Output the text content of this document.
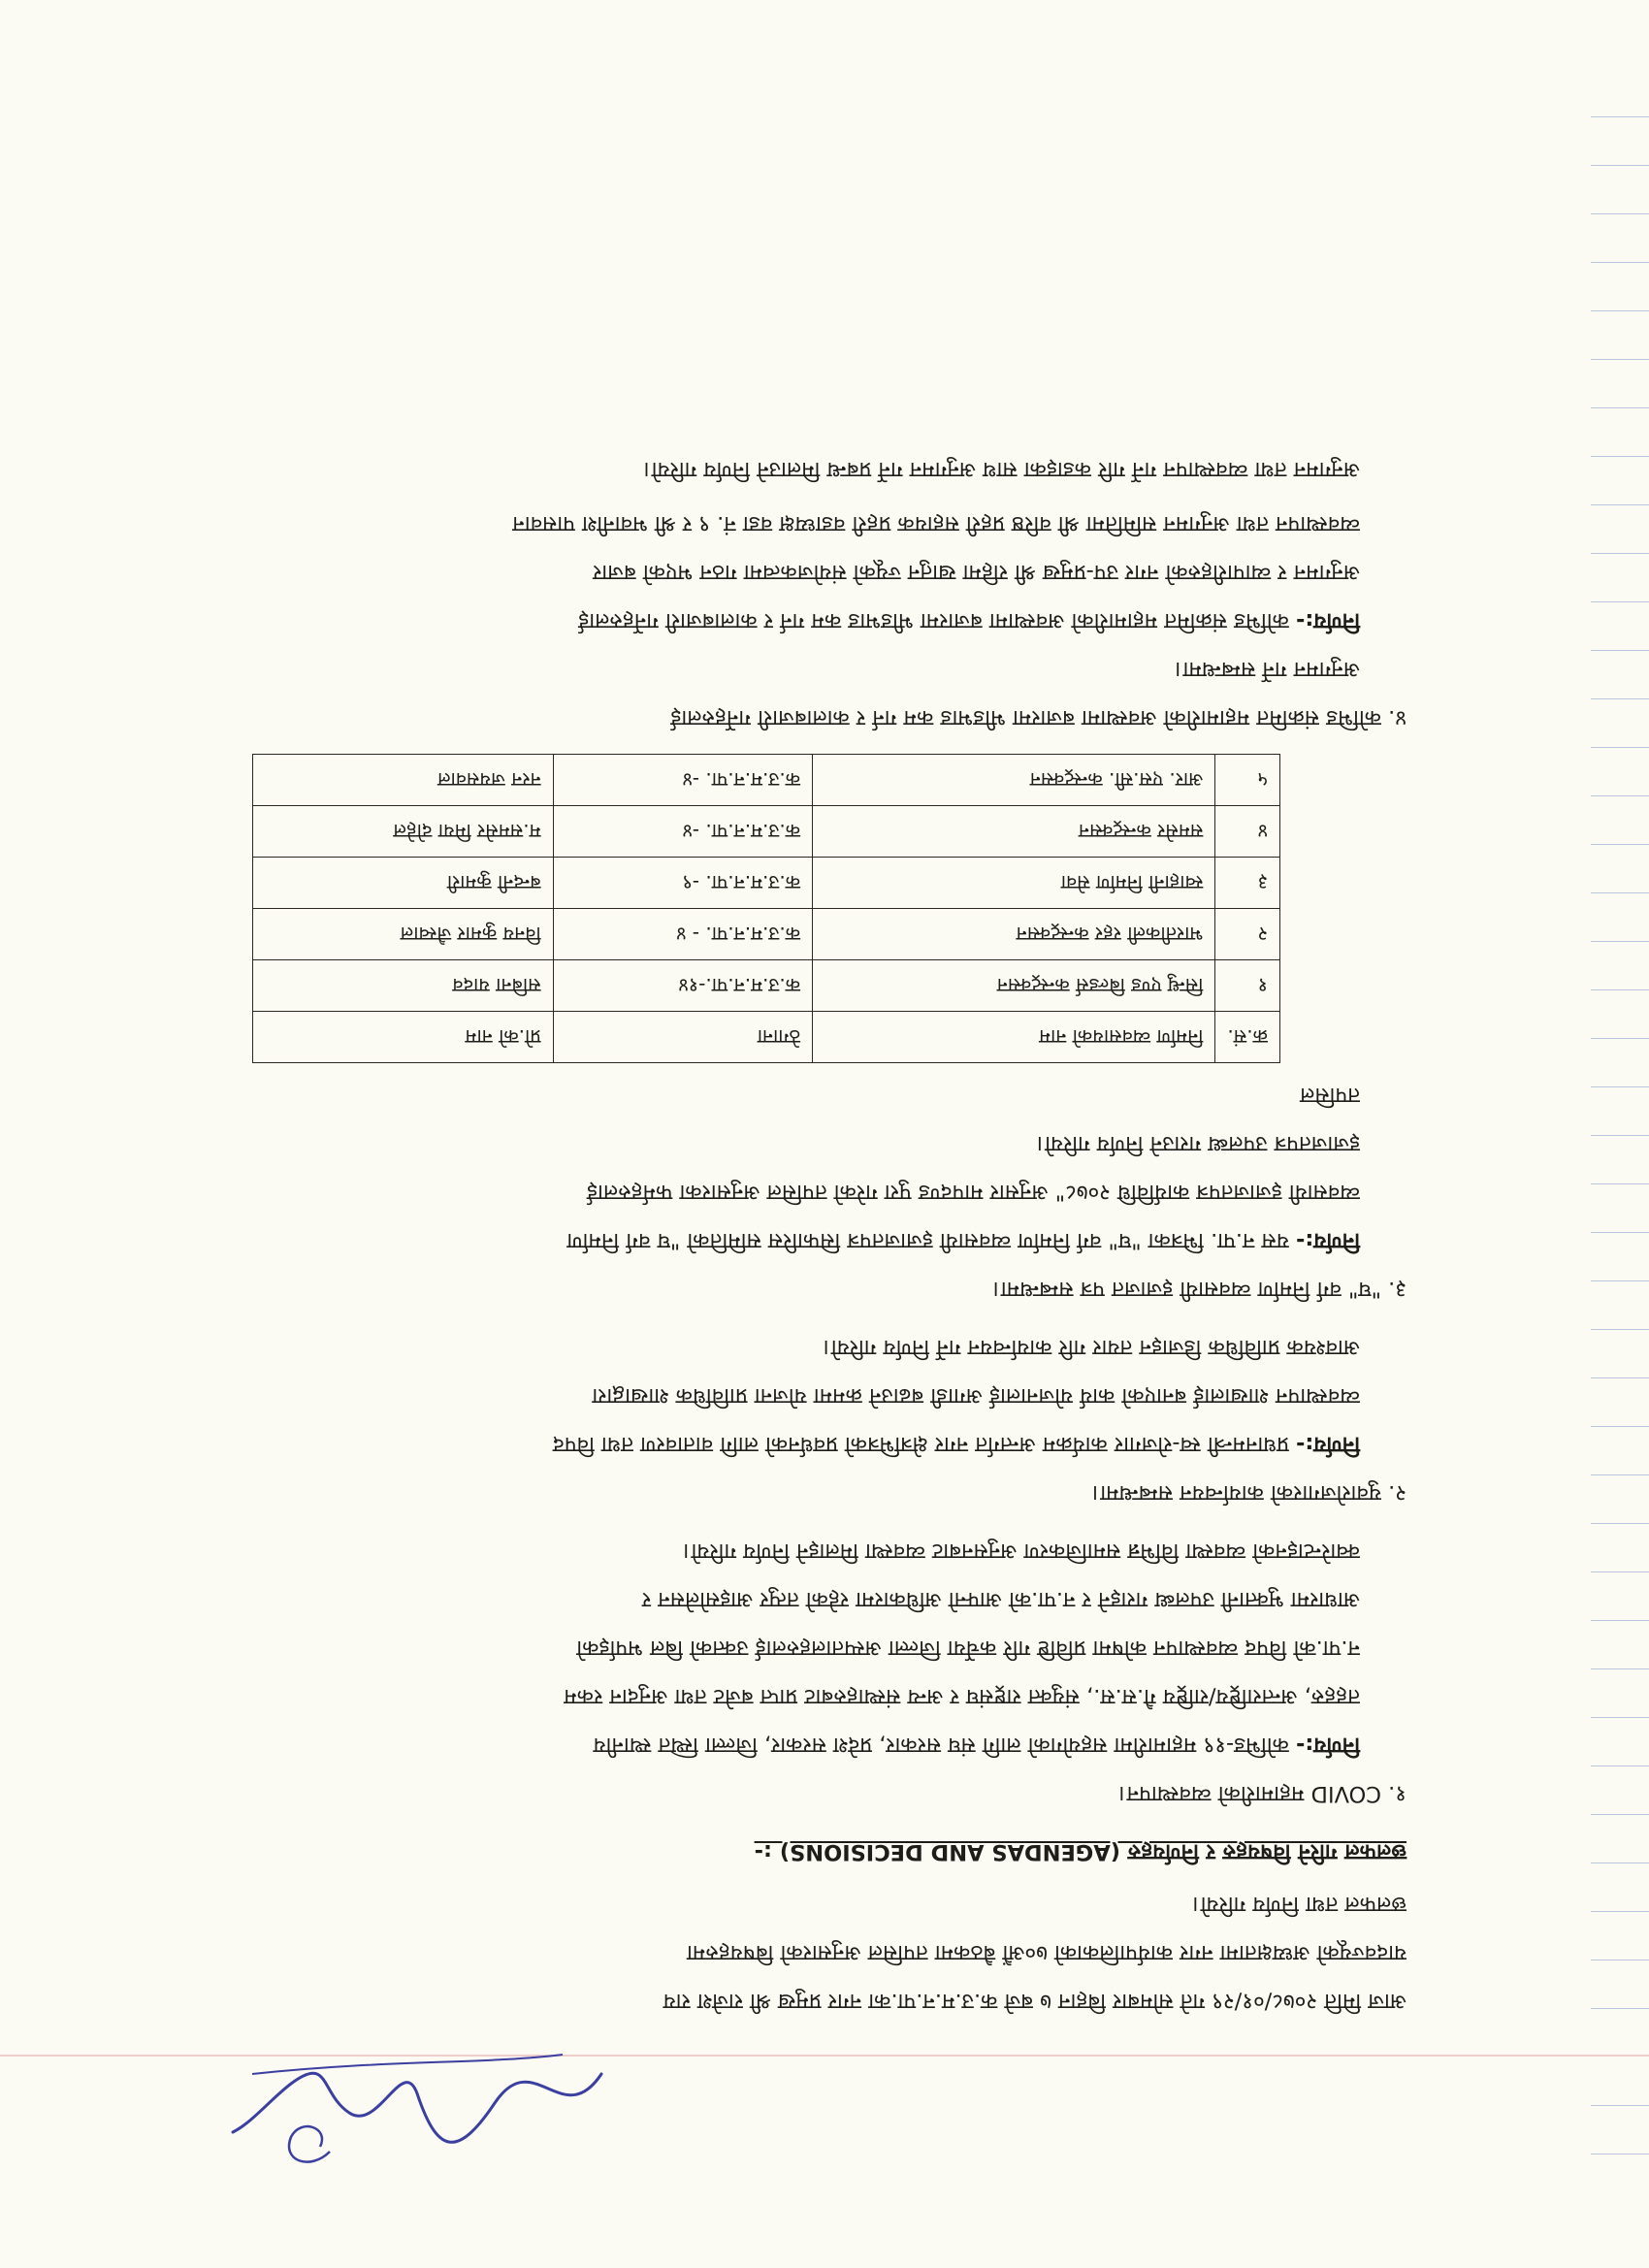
आज मिति २०७८/०१/२९ गते सोमबार बिहान ७ बजे क.उ.म.न.पा.का नगर प्रमुख श्री राजेश राय

यादवज्यूको अध्यक्षतामा नगर कार्यपालिकाको ७०औं बैठकमा तपसिल अनुसारको बिषयहरुमा

छलफल तथा निर्णय गरियो।

छलफल गरिने विषयहरु र निर्णयहरु (AGENDAS AND DECISIONS) :-

१. COVID महामारीको व्यवस्थापन।

निर्णय:- कोभिड-१९ महामारीमा सहयोगको लागि संघ सरकार, प्रदेश सरकार, जिल्ला स्थित स्थानीय

तहहरु, अन्तराष्ट्रिय/राष्ट्रिय गै.स.स., संयुक्त राष्ट्रसंघ र अन्य संस्थाहरुबाट प्राप्त बजेट तथा अनुदान रकम

न.पा.को विपद व्यवस्थापन कोषमा प्रविष्टि गरि कर्चेया जिल्ला अस्पतालहरुलाई उक्तको बिल भर्पाइको

आधारमा भुक्तानी उपलब्ध गराइने र न.पा.को आफ्नो अधिकारमा रहेको तत्पुर आइसोलेसन र

क्वारेन्टाइनको व्यवस्था विभिन्न समाजिकरण अनुसनबाट व्यवस्था मिलाइने निर्णय गरियो।

२. युवारोजगारको कार्यान्वयन सम्बन्धमा।

निर्णय:- प्रधानमन्त्री स्व-रोजगार कार्यक्रम अन्तर्गत नगर क्षेत्रभित्रको प्रवर्धनको लागि वातावरण तथा विपद

व्यवस्थापन शाखालाई बनाएको कार्य योजनालाई अगाडी बढाउने क्रममा योजना प्राविधिक शाखाद्वारा

आवश्यक प्राविधिक डिजाइन तयार गरि कार्यान्वयन गर्ने निर्णय गरियो।

३. "घ" वर्ग निर्माण व्यवसायी इजाजत पत्र सम्बन्धमा।

निर्णय:- यस न.पा. भित्रका "घ" वर्ग निर्माण व्यवसायी इजाजतपत्र सिफारिस समितिको "घ वर्ग निर्माण

व्यवसायी इजाजतपत्र कार्यविधि २०७८" अनुसार मापदण्ड पुरा गरेको तपसिल अनुसारका फर्महरुलाई

इजाजतपत्र उपलब्ध गराउने निर्णय गरियो।

तपसिल

क्र.सं.	निर्माण व्यवसायको नाम	ठेगाना	प्रो.को नाम
१	सिन्धु एण्ड बिल्डर्स कन्स्ट्रक्सन	क.उ.म.न.पा.-१४	सबिना यादव
२	भारतीकली रहर कन्स्ट्रक्सन	क.उ.म.न.पा. - ४	विनय कुमार जैस्वाल
३	स्वाहानी निर्माण सेवा	क.उ.म.न.पा. -९	बन्दनी कुमारी
४	समसेर कन्स्ट्रक्सन	क.उ.म.न.पा. -४	म.समसेर मिया दोहेल
५	आर. एस.सी. कन्स्ट्रक्सन	क.उ.म.न.पा. -४	नरन जयसवाल

४. कोभिड संक्रमित महामारीको अवस्थामा बजारमा भीडभाड कम गर्न र कालाबजारी गर्नेहरुलाई

अनुगमन गर्ने सम्बन्धमा।

निर्णय:- कोभिड संक्रमित महामारीको अवस्थामा बजारमा भीडभाड कम गर्न र कालाबजारी गर्नेहरुलाई

अनुगमन र व्यापारीहरुको नगर उप-प्रमुख श्री रहिमा खातुन ज्यूको संयोजकत्वमा गठन भएको बजार

व्यवस्थापन तथा अनुगमन समितिमा श्री वरिष्ठ प्रहरी सहायक प्रहरी वडाध्यक्ष वडा नं. ९ र श्री भवानीश पासवान

अनुगमन तथा व्यवस्थापन गर्ने गरि कडाइका साथ अनुगमन गर्ने प्रबन्ध मिलाउने निर्णय गरियो।
